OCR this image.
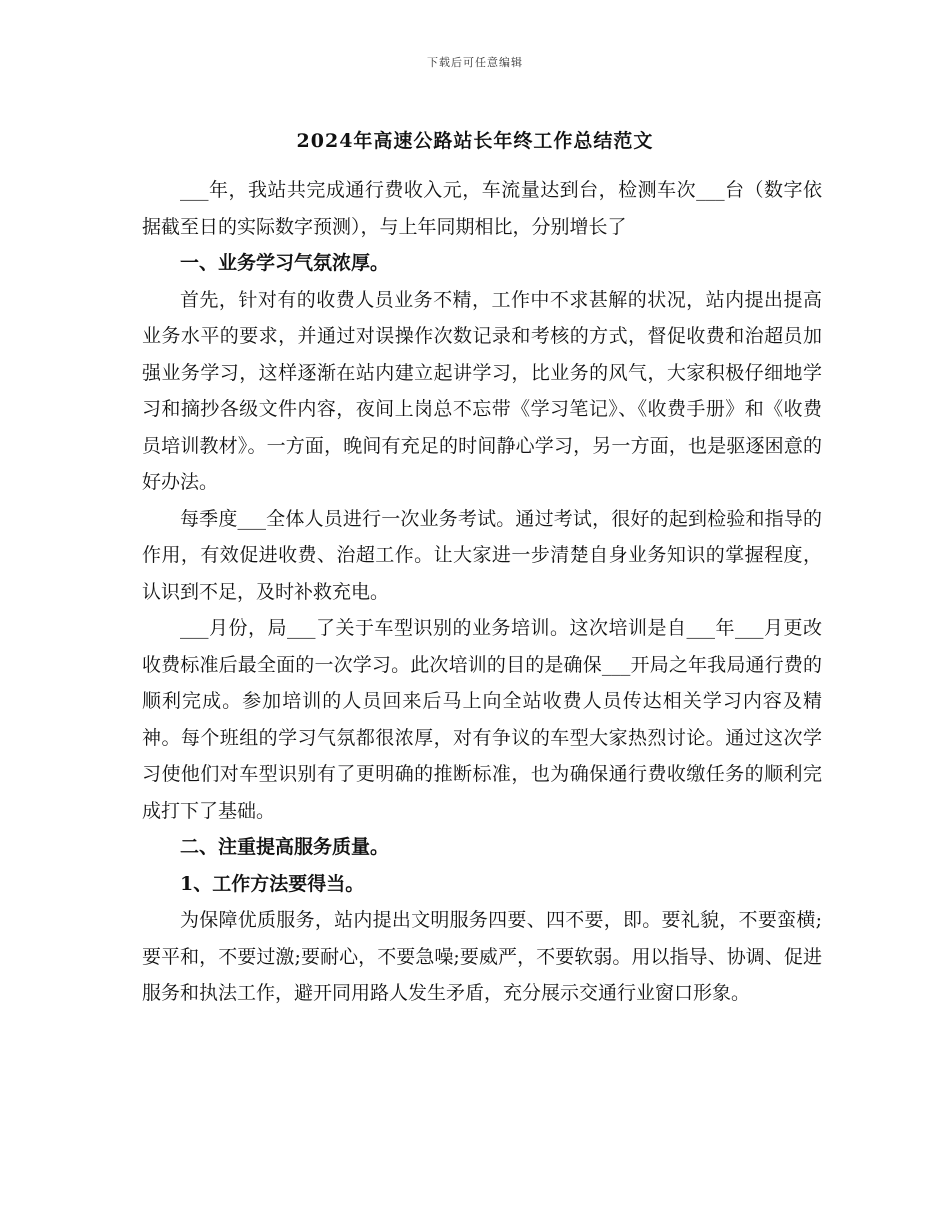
下载后可任意编辑
2024年高速公路站长年终工作总结范文

___年，我站共完成通行费收入元，车流量达到台，检测车次___台（数字依据截至日的实际数字预测），与上年同期相比，分别增长了

一、业务学习气氛浓厚。

首先，针对有的收费人员业务不精，工作中不求甚解的状况，站内提出提高业务水平的要求，并通过对误操作次数记录和考核的方式，督促收费和治超员加强业务学习，这样逐渐在站内建立起讲学习，比业务的风气，大家积极仔细地学习和摘抄各级文件内容，夜间上岗总不忘带《学习笔记》、《收费手册》和《收费员培训教材》。一方面，晚间有充足的时间静心学习，另一方面，也是驱逐困意的好办法。

每季度___全体人员进行一次业务考试。通过考试，很好的起到检验和指导的作用，有效促进收费、治超工作。让大家进一步清楚自身业务知识的掌握程度，认识到不足，及时补救充电。

___月份，局___了关于车型识别的业务培训。这次培训是自___年___月更改收费标准后最全面的一次学习。此次培训的目的是确保___开局之年我局通行费的顺利完成。参加培训的人员回来后马上向全站收费人员传达相关学习内容及精神。每个班组的学习气氛都很浓厚，对有争议的车型大家热烈讨论。通过这次学习使他们对车型识别有了更明确的推断标准，也为确保通行费收缴任务的顺利完成打下了基础。

二、注重提高服务质量。

1、工作方法要得当。

为保障优质服务，站内提出文明服务四要、四不要，即。要礼貌，不要蛮横;要平和，不要过激;要耐心，不要急噪;要威严，不要软弱。用以指导、协调、促进服务和执法工作，避开同用路人发生矛盾，充分展示交通行业窗口形象。
